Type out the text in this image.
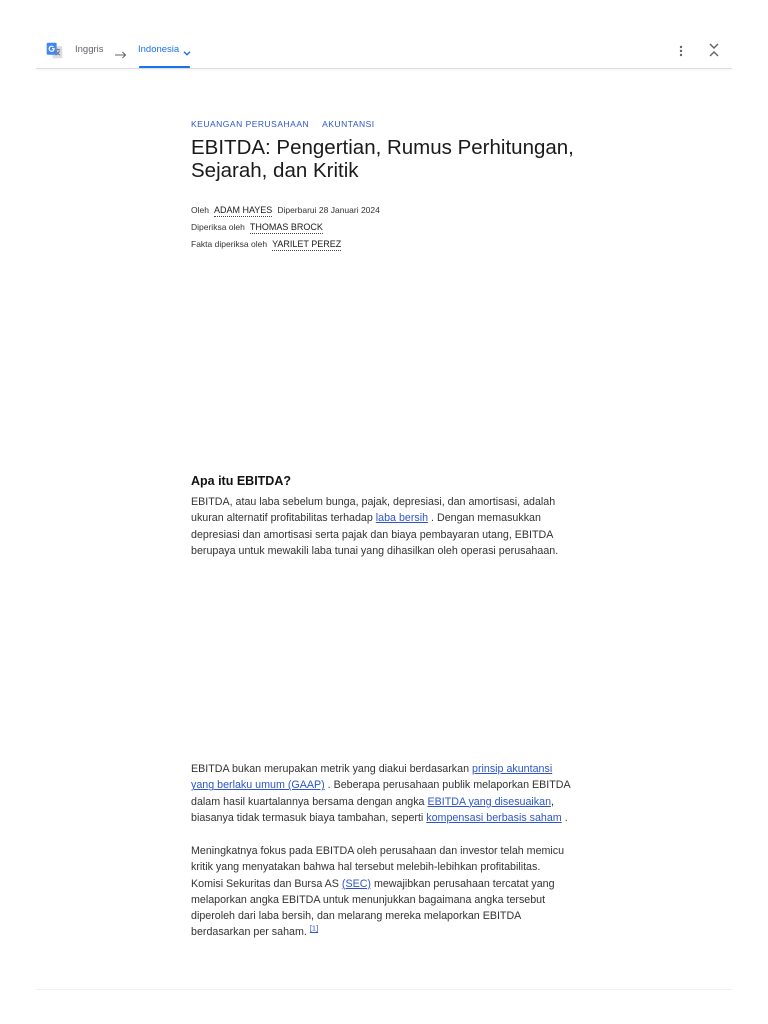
Inggris	Indonesia
KEUANGAN PERUSAHAAN AKUNTANSI
EBITDA: Pengertian, Rumus Perhitungan, Sejarah, dan Kritik
Oleh ADAM HAYES Diperbarui 28 Januari 2024
Diperiksa oleh THOMAS BROCK
Fakta diperiksa oleh YARILET PEREZ
Apa itu EBITDA?

EBITDA, atau laba sebelum bunga, pajak, depresiasi, dan amortisasi, adalah
ukuran alternatif profitabilitas terhadap laba bersih . Dengan memasukkan
depresiasi dan amortisasi serta pajak dan biaya pembayaran utang, EBITDA
berupaya untuk mewakili laba tunai yang dihasilkan oleh operasi perusahaan.

EBITDA bukan merupakan metrik yang diakui berdasarkan prinsip akuntansi
yang berlaku umum (GAAP) . Beberapa perusahaan publik melaporkan EBITDA
dalam hasil kuartalannya bersama dengan angka EBITDA yang disesuaikan,
biasanya tidak termasuk biaya tambahan, seperti kompensasi berbasis saham .

Meningkatnya fokus pada EBITDA oleh perusahaan dan investor telah memicu
kritik yang menyatakan bahwa hal tersebut melebih-lebihkan profitabilitas.
Komisi Sekuritas dan Bursa AS (SEC) mewajibkan perusahaan tercatat yang
melaporkan angka EBITDA untuk menunjukkan bagaimana angka tersebut
diperoleh dari laba bersih, dan melarang mereka melaporkan EBITDA
berdasarkan per saham. [1]
